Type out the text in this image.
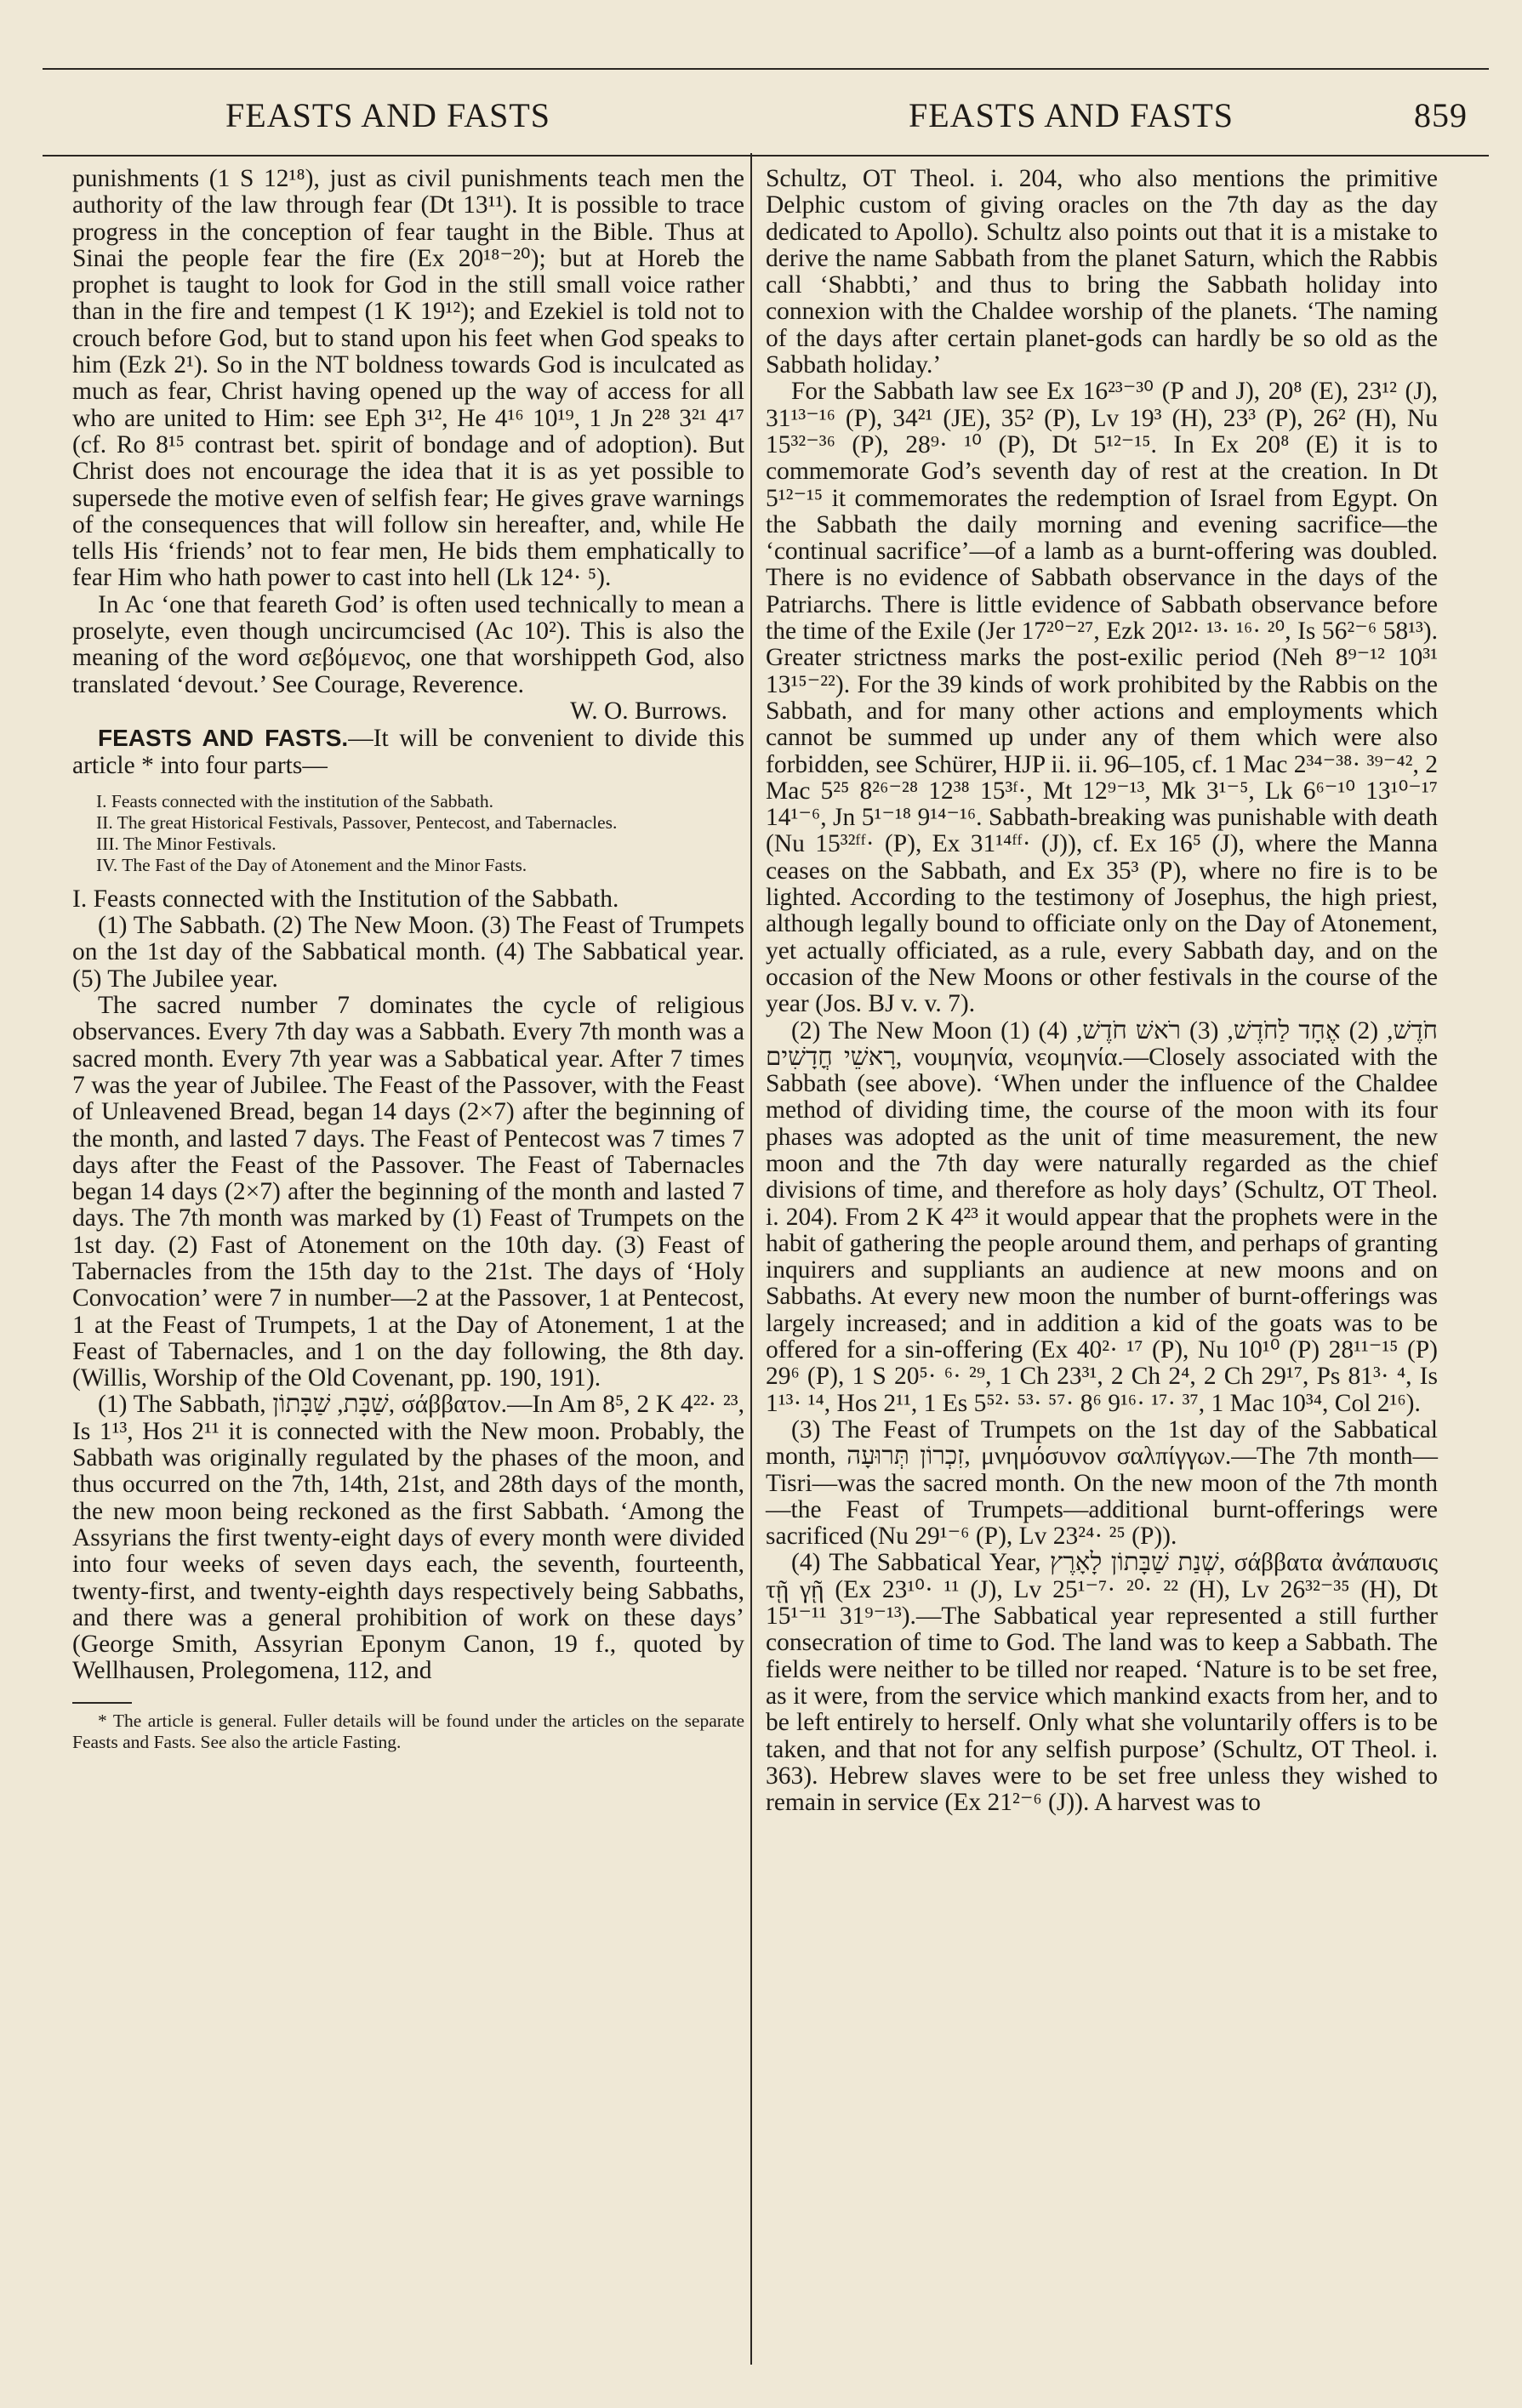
FEASTS AND FASTS	FEASTS AND FASTS	859

punishments (1 S 12¹⁸), just as civil punishments teach men the authority of the law through fear (Dt 13¹¹). It is possible to trace progress in the conception of fear taught in the Bible. Thus at Sinai the people fear the fire (Ex 20¹⁸⁻²⁰); but at Horeb the prophet is taught to look for God in the still small voice rather than in the fire and tempest (1 K 19¹²); and Ezekiel is told not to crouch before God, but to stand upon his feet when God speaks to him (Ezk 2¹). So in the NT boldness towards God is inculcated as much as fear, Christ having opened up the way of access for all who are united to Him: see Eph 3¹², He 4¹⁶ 10¹⁹, 1 Jn 2²⁸ 3²¹ 4¹⁷ (cf. Ro 8¹⁵ contrast bet. spirit of bondage and of adoption). But Christ does not encourage the idea that it is as yet possible to supersede the motive even of selfish fear; He gives grave warnings of the consequences that will follow sin hereafter, and, while He tells His ‘friends’ not to fear men, He bids them emphatically to fear Him who hath power to cast into hell (Lk 12⁴· ⁵).

In Ac ‘one that feareth God’ is often used technically to mean a proselyte, even though uncircumcised (Ac 10²). This is also the meaning of the word σεβόμενος, one that worshippeth God, also translated ‘devout.’ See Courage, Reverence.

W. O. Burrows.

FEASTS AND FASTS.—It will be convenient to divide this article * into four parts—

I. Feasts connected with the institution of the Sabbath.
II. The great Historical Festivals, Passover, Pentecost, and Tabernacles.
III. The Minor Festivals.
IV. The Fast of the Day of Atonement and the Minor Fasts.

I. Feasts connected with the Institution of the Sabbath.

(1) The Sabbath. (2) The New Moon. (3) The Feast of Trumpets on the 1st day of the Sabbatical month. (4) The Sabbatical year. (5) The Jubilee year.

The sacred number 7 dominates the cycle of religious observances. Every 7th day was a Sabbath. Every 7th month was a sacred month. Every 7th year was a Sabbatical year. After 7 times 7 was the year of Jubilee. The Feast of the Passover, with the Feast of Unleavened Bread, began 14 days (2×7) after the beginning of the month, and lasted 7 days. The Feast of Pentecost was 7 times 7 days after the Feast of the Passover. The Feast of Tabernacles began 14 days (2×7) after the beginning of the month and lasted 7 days. The 7th month was marked by (1) Feast of Trumpets on the 1st day. (2) Fast of Atonement on the 10th day. (3) Feast of Tabernacles from the 15th day to the 21st. The days of ‘Holy Convocation’ were 7 in number—2 at the Passover, 1 at Pentecost, 1 at the Feast of Trumpets, 1 at the Day of Atonement, 1 at the Feast of Tabernacles, and 1 on the day following, the 8th day. (Willis, Worship of the Old Covenant, pp. 190, 191).

(1) The Sabbath, שַׁבָּת, שַׁבָּתוֹן, σάββατον.—In Am 8⁵, 2 K 4²²· ²³, Is 1¹³, Hos 2¹¹ it is connected with the New moon. Probably, the Sabbath was originally regulated by the phases of the moon, and thus occurred on the 7th, 14th, 21st, and 28th days of the month, the new moon being reckoned as the first Sabbath. ‘Among the Assyrians the first twenty-eight days of every month were divided into four weeks of seven days each, the seventh, fourteenth, twenty-first, and twenty-eighth days respectively being Sabbaths, and there was a general prohibition of work on these days’ (George Smith, Assyrian Eponym Canon, 19 f., quoted by Wellhausen, Prolegomena, 112, and

* The article is general. Fuller details will be found under the articles on the separate Feasts and Fasts. See also the article Fasting.

Schultz, OT Theol. i. 204, who also mentions the primitive Delphic custom of giving oracles on the 7th day as the day dedicated to Apollo). Schultz also points out that it is a mistake to derive the name Sabbath from the planet Saturn, which the Rabbis call ‘Shabbti,’ and thus to bring the Sabbath holiday into connexion with the Chaldee worship of the planets. ‘The naming of the days after certain planet-gods can hardly be so old as the Sabbath holiday.’

For the Sabbath law see Ex 16²³⁻³⁰ (P and J), 20⁸ (E), 23¹² (J), 31¹³⁻¹⁶ (P), 34²¹ (JE), 35² (P), Lv 19³ (H), 23³ (P), 26² (H), Nu 15³²⁻³⁶ (P), 28⁹· ¹⁰ (P), Dt 5¹²⁻¹⁵. In Ex 20⁸ (E) it is to commemorate God’s seventh day of rest at the creation. In Dt 5¹²⁻¹⁵ it commemorates the redemption of Israel from Egypt. On the Sabbath the daily morning and evening sacrifice—the ‘continual sacrifice’—of a lamb as a burnt-offering was doubled. There is no evidence of Sabbath observance in the days of the Patriarchs. There is little evidence of Sabbath observance before the time of the Exile (Jer 17²⁰⁻²⁷, Ezk 20¹²· ¹³· ¹⁶· ²⁰, Is 56²⁻⁶ 58¹³). Greater strictness marks the post-exilic period (Neh 8⁹⁻¹² 10³¹ 13¹⁵⁻²²). For the 39 kinds of work prohibited by the Rabbis on the Sabbath, and for many other actions and employments which cannot be summed up under any of them which were also forbidden, see Schürer, HJP ii. ii. 96–105, cf. 1 Mac 2³⁴⁻³⁸· ³⁹⁻⁴², 2 Mac 5²⁵ 8²⁶⁻²⁸ 12³⁸ 15³ᶠ·, Mt 12⁹⁻¹³, Mk 3¹⁻⁵, Lk 6⁶⁻¹⁰ 13¹⁰⁻¹⁷ 14¹⁻⁶, Jn 5¹⁻¹⁸ 9¹⁴⁻¹⁶. Sabbath-breaking was punishable with death (Nu 15³²ᶠᶠ· (P), Ex 31¹⁴ᶠᶠ· (J)), cf. Ex 16⁵ (J), where the Manna ceases on the Sabbath, and Ex 35³ (P), where no fire is to be lighted. According to the testimony of Josephus, the high priest, although legally bound to officiate only on the Day of Atonement, yet actually officiated, as a rule, every Sabbath day, and on the occasion of the New Moons or other festivals in the course of the year (Jos. BJ v. v. 7).

(2) The New Moon (1) חֹדֶשׁ, (2) אֶחָד לַחֹדֶשׁ, (3) רֹאשׁ חֹדֶשׁ, (4) רָאשֵׁי חֳדָשִׁים, νουμηνία, νεομηνία.—Closely associated with the Sabbath (see above). ‘When under the influence of the Chaldee method of dividing time, the course of the moon with its four phases was adopted as the unit of time measurement, the new moon and the 7th day were naturally regarded as the chief divisions of time, and therefore as holy days’ (Schultz, OT Theol. i. 204). From 2 K 4²³ it would appear that the prophets were in the habit of gathering the people around them, and perhaps of granting inquirers and suppliants an audience at new moons and on Sabbaths. At every new moon the number of burnt-offerings was largely increased; and in addition a kid of the goats was to be offered for a sin-offering (Ex 40²· ¹⁷ (P), Nu 10¹⁰ (P) 28¹¹⁻¹⁵ (P) 29⁶ (P), 1 S 20⁵· ⁶· ²⁹, 1 Ch 23³¹, 2 Ch 2⁴, 2 Ch 29¹⁷, Ps 81³· ⁴, Is 1¹³· ¹⁴, Hos 2¹¹, 1 Es 5⁵²· ⁵³· ⁵⁷· 8⁶ 9¹⁶· ¹⁷· ³⁷, 1 Mac 10³⁴, Col 2¹⁶).

(3) The Feast of Trumpets on the 1st day of the Sabbatical month, זִכְרוֹן תְּרוּעָה, μνημόσυνον σαλπίγγων.—The 7th month—Tisri—was the sacred month. On the new moon of the 7th month—the Feast of Trumpets—additional burnt-offerings were sacrificed (Nu 29¹⁻⁶ (P), Lv 23²⁴· ²⁵ (P)).

(4) The Sabbatical Year, שְׁנַת שַׁבָּתוֹן לָאָרֶץ, σάββατα ἀνάπαυσις τῇ γῇ (Ex 23¹⁰· ¹¹ (J), Lv 25¹⁻⁷· ²⁰· ²² (H), Lv 26³²⁻³⁵ (H), Dt 15¹⁻¹¹ 31⁹⁻¹³).—The Sabbatical year represented a still further consecration of time to God. The land was to keep a Sabbath. The fields were neither to be tilled nor reaped. ‘Nature is to be set free, as it were, from the service which mankind exacts from her, and to be left entirely to herself. Only what she voluntarily offers is to be taken, and that not for any selfish purpose’ (Schultz, OT Theol. i. 363). Hebrew slaves were to be set free unless they wished to remain in service (Ex 21²⁻⁶ (J)). A harvest was to
